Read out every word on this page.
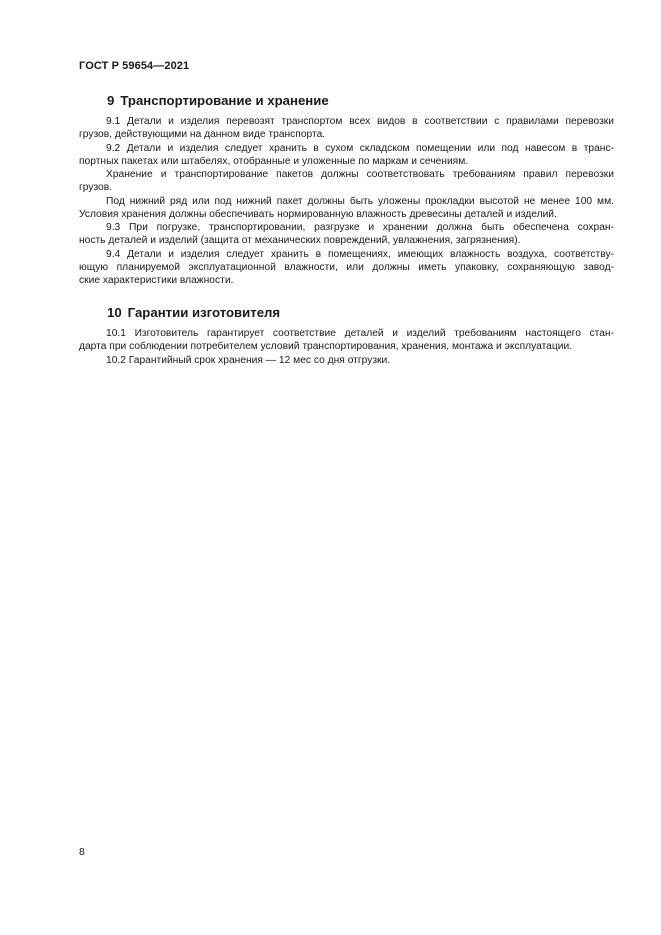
ГОСТ Р 59654—2021
9 Транспортирование и хранение
9.1 Детали и изделия перевозят транспортом всех видов в соответствии с правилами перевозки
грузов, действующими на данном виде транспорта.
9.2 Детали и изделия следует хранить в сухом складском помещении или под навесом в транс-
портных пакетах или штабелях, отобранные и уложенные по маркам и сечениям.
Хранение и транспортирование пакетов должны соответствовать требованиям правил перевозки
грузов.
Под нижний ряд или под нижний пакет должны быть уложены прокладки высотой не менее 100 мм.
Условия хранения должны обеспечивать нормированную влажность древесины деталей и изделий.
9.3 При погрузке, транспортировании, разгрузке и хранении должна быть обеспечена сохран-
ность деталей и изделий (защита от механических повреждений, увлажнения, загрязнения).
9.4 Детали и изделия следует хранить в помещениях, имеющих влажность воздуха, соответству-
ющую планируемой эксплуатационной влажности, или должны иметь упаковку, сохраняющую завод-
ские характеристики влажности.
10 Гарантии изготовителя
10.1 Изготовитель гарантирует соответствие деталей и изделий требованиям настоящего стан-
дарта при соблюдении потребителем условий транспортирования, хранения, монтажа и эксплуатации.
10.2 Гарантийный срок хранения — 12 мес со дня отгрузки.
8
